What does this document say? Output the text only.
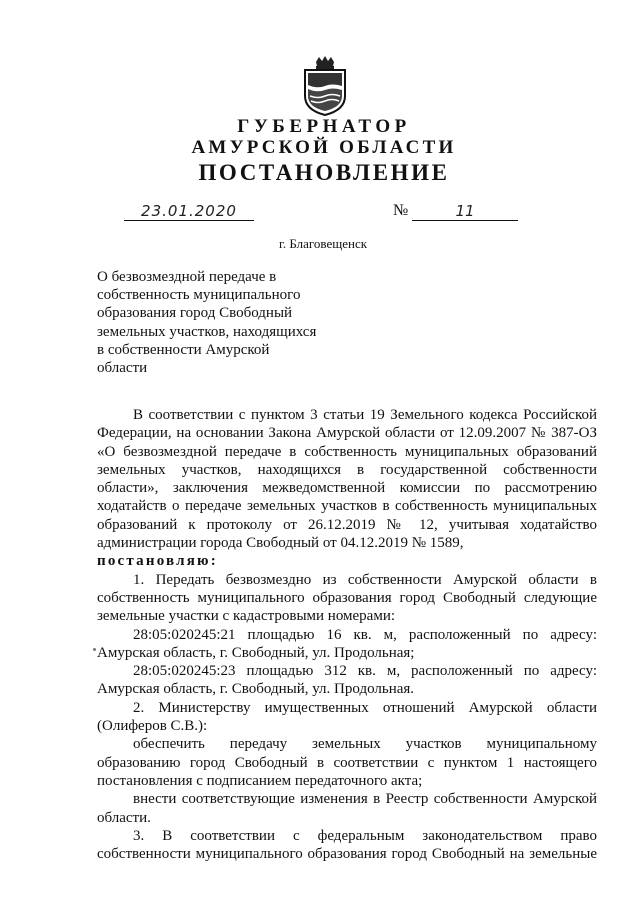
ГУБЕРНАТОР
АМУРСКОЙ ОБЛАСТИ
ПОСТАНОВЛЕНИЕ
23.01.2020	№	11
г. Благовещенск
О безвозмездной передаче в
собственность муниципального
образования город Свободный
земельных участков, находящихся
в собственности Амурской
области
В соответствии с пунктом 3 статьи 19 Земельного кодекса Российской
Федерации, на основании Закона Амурской области от 12.09.2007 № 387-ОЗ
«О безвозмездной передаче в собственность муниципальных образований
земельных участков, находящихся в государственной собственности
области», заключения межведомственной комиссии по рассмотрению
ходатайств о передаче земельных участков в собственность муниципальных
образований к протоколу от 26.12.2019 № 12, учитывая ходатайство
администрации города Свободный от 04.12.2019 № 1589,
постановляю:
1. Передать безвозмездно из собственности Амурской области в
собственность муниципального образования город Свободный следующие
земельные участки с кадастровыми номерами:
28:05:020245:21 площадью 16 кв. м, расположенный по адресу:
Амурская область, г. Свободный, ул. Продольная;
28:05:020245:23 площадью 312 кв. м, расположенный по адресу:
Амурская область, г. Свободный, ул. Продольная.
2. Министерству имущественных отношений Амурской области
(Олиферов С.В.):
обеспечить передачу земельных участков муниципальному
образованию город Свободный в соответствии с пунктом 1 настоящего
постановления с подписанием передаточного акта;
внести соответствующие изменения в Реестр собственности Амурской
области.
3. В соответствии с федеральным законодательством право
собственности муниципального образования город Свободный на земельные
